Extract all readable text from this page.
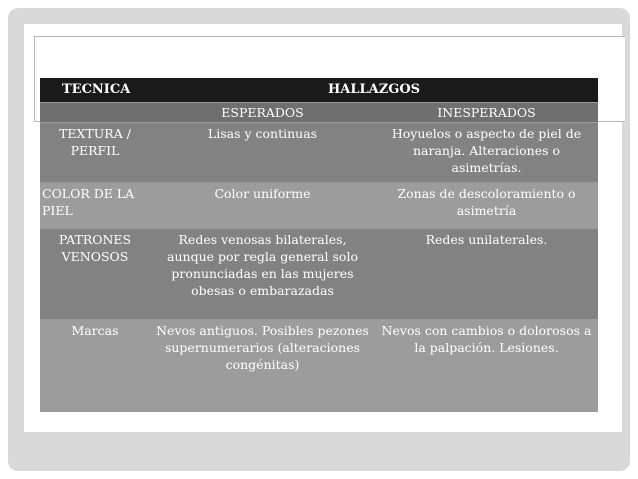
TECNICA	HALLAZGOS	
	ESPERADOS	INESPERADOS
TEXTURA / PERFIL	Lisas y continuas	Hoyuelos o aspecto de piel de naranja. Alteraciones o asimetrías.
COLOR DE LA PIEL	Color uniforme	Zonas de descoloramiento o asimetría
PATRONES VENOSOS	Redes venosas bilaterales, aunque por regla general solo pronunciadas en las mujeres obesas o embarazadas	Redes unilaterales.
Marcas	Nevos antiguos. Posibles pezones supernumerarios (alteraciones congénitas)	Nevos con cambios o dolorosos a la palpación. Lesiones.
